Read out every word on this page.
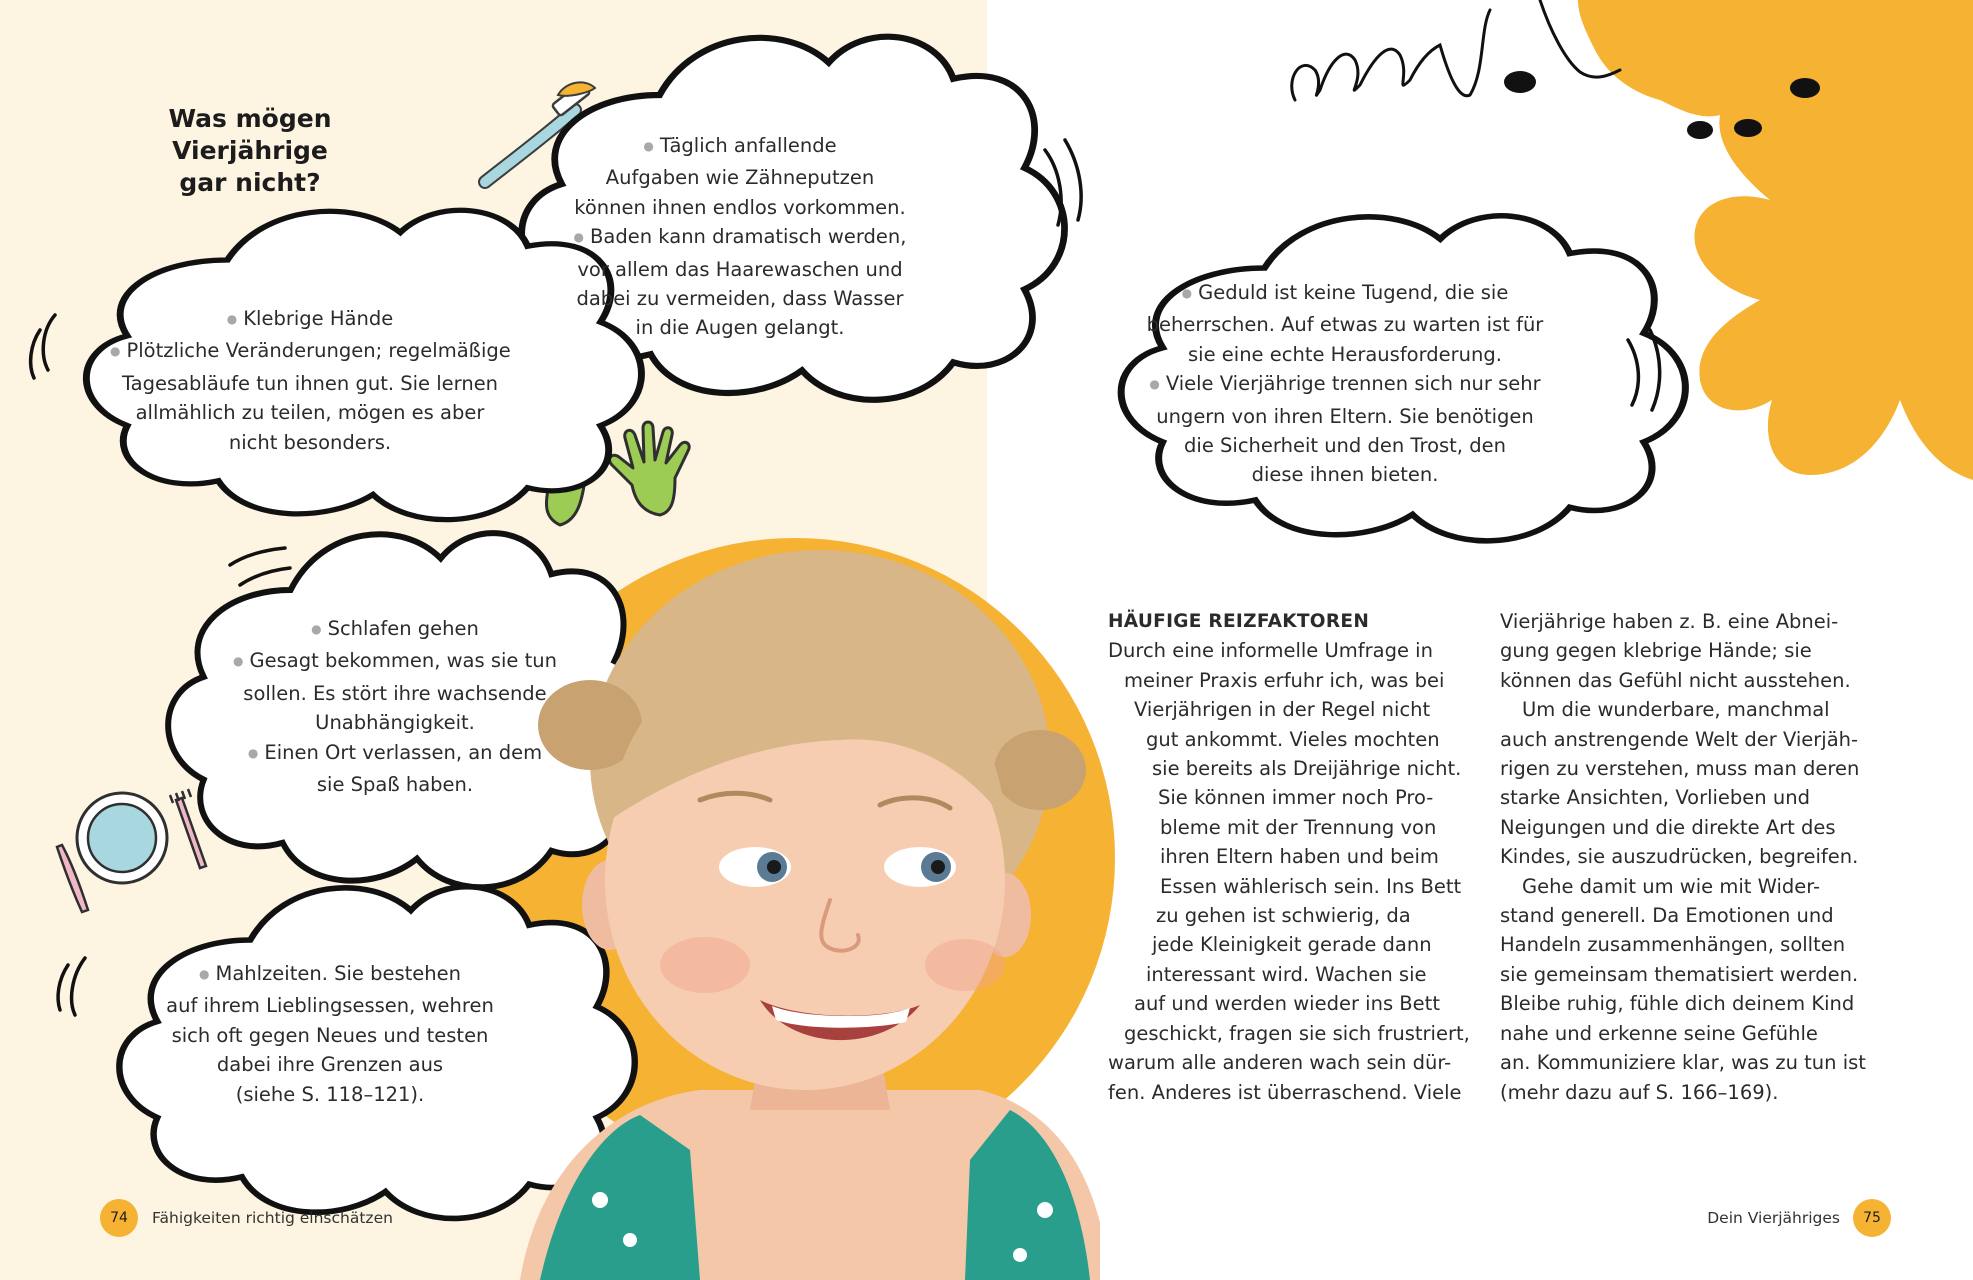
Was mögen Vierjährige
gar nicht?
● Täglich anfallende
Aufgaben wie Zähneputzen
können ihnen endlos vorkommen.
● Baden kann dramatisch werden,
vor allem das Haarewaschen und
dabei zu vermeiden, dass Wasser
in die Augen gelangt.
● Klebrige Hände
● Plötzliche Veränderungen; regelmäßige
Tagesabläufe tun ihnen gut. Sie lernen
allmählich zu teilen, mögen es aber
nicht besonders.
● Schlafen gehen
● Gesagt bekommen, was sie tun
sollen. Es stört ihre wachsende
Unabhängigkeit.
● Einen Ort verlassen, an dem
sie Spaß haben.
● Mahlzeiten. Sie bestehen
auf ihrem Lieblingsessen, wehren
sich oft gegen Neues und testen
dabei ihre Grenzen aus
(siehe S. 118–121).
● Geduld ist keine Tugend, die sie
beherrschen. Auf etwas zu warten ist für
sie eine echte Herausforderung.
● Viele Vierjährige trennen sich nur sehr
ungern von ihren Eltern. Sie benötigen
die Sicherheit und den Trost, den
diese ihnen bieten.
HÄUFIGE REIZFAKTOREN
Durch eine informelle Umfrage in
meiner Praxis erfuhr ich, was bei
Vierjährigen in der Regel nicht
gut ankommt. Vieles mochten
sie bereits als Dreijährige nicht.
Sie können immer noch Pro-
bleme mit der Trennung von
ihren Eltern haben und beim
Essen wählerisch sein. Ins Bett
zu gehen ist schwierig, da
jede Kleinigkeit gerade dann
interessant wird. Wachen sie
auf und werden wieder ins Bett
geschickt, fragen sie sich frustriert,
warum alle anderen wach sein dür-
fen. Anderes ist überraschend. Viele
Vierjährige haben z. B. eine Abnei-
gung gegen klebrige Hände; sie
können das Gefühl nicht ausstehen.
Um die wunderbare, manchmal
auch anstrengende Welt der Vierjäh-
rigen zu verstehen, muss man deren
starke Ansichten, Vorlieben und
Neigungen und die direkte Art des
Kindes, sie auszudrücken, begreifen.
Gehe damit um wie mit Wider-
stand generell. Da Emotionen und
Handeln zusammenhängen, sollten
sie gemeinsam thematisiert werden.
Bleibe ruhig, fühle dich deinem Kind
nahe und erkenne seine Gefühle
an. Kommuniziere klar, was zu tun ist
(mehr dazu auf S. 166–169).
74	Fähigkeiten richtig einschätzen	Dein Vierjähriges	75
